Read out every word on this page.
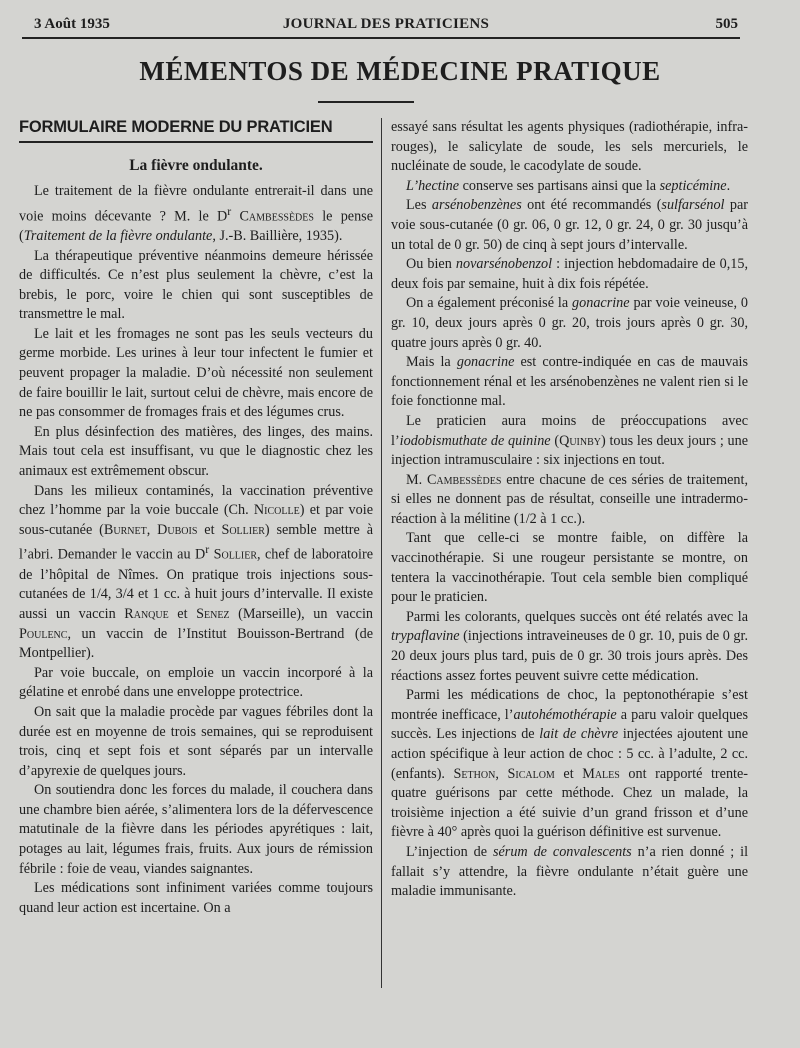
3 Août 1935	JOURNAL DES PRATICIENS	505
MÉMENTOS DE MÉDECINE PRATIQUE
FORMULAIRE MODERNE DU PRATICIEN
La fièvre ondulante.

Le traitement de la fièvre ondulante entrerait-il dans une voie moins décevante ? M. le $D^r$ Cambessèdes le pense (Traitement de la fièvre ondulante, J.-B. Baillière, 1935).

La thérapeutique préventive néanmoins demeure hérissée de difficultés. Ce n’est plus seulement la chèvre, c’est la brebis, le porc, voire le chien qui sont susceptibles de transmettre le mal.

Le lait et les fromages ne sont pas les seuls vecteurs du germe morbide. Les urines à leur tour infectent le fumier et peuvent propager la maladie. D’où nécessité non seulement de faire bouillir le lait, surtout celui de chèvre, mais encore de ne pas consommer de fromages frais et des légumes crus.

En plus désinfection des matières, des linges, des mains. Mais tout cela est insuffisant, vu que le diagnostic chez les animaux est extrêmement obscur.

Dans les milieux contaminés, la vaccination préventive chez l’homme par la voie buccale (Ch. Nicolle) et par voie sous-cutanée (Burnet, Dubois et Sollier) semble mettre à l’abri. Demander le vaccin au $D^r$ Sollier, chef de laboratoire de l’hôpital de Nîmes. On pratique trois injections sous-cutanées de 1/4, 3/4 et 1 cc. à huit jours d’intervalle. Il existe aussi un vaccin Ranque et Senez (Marseille), un vaccin Poulenc, un vaccin de l’Institut Bouisson-Bertrand (de Montpellier).

Par voie buccale, on emploie un vaccin incorporé à la gélatine et enrobé dans une enveloppe protectrice.

On sait que la maladie procède par vagues fébriles dont la durée est en moyenne de trois semaines, qui se reproduisent trois, cinq et sept fois et sont séparés par un intervalle d’apyrexie de quelques jours.

On soutiendra donc les forces du malade, il couchera dans une chambre bien aérée, s’alimentera lors de la défervescence matutinale de la fièvre dans les périodes apyrétiques : lait, potages au lait, légumes frais, fruits. Aux jours de rémission fébrile : foie de veau, viandes saignantes.

Les médications sont infiniment variées comme toujours quand leur action est incertaine. On a

essayé sans résultat les agents physiques (radiothérapie, infra-rouges), le salicylate de soude, les sels mercuriels, le nucléinate de soude, le cacodylate de soude.

L’hectine conserve ses partisans ainsi que la septicémine.

Les arsénobenzènes ont été recommandés (sulfarsénol par voie sous-cutanée (0 gr. 06, 0 gr. 12, 0 gr. 24, 0 gr. 30 jusqu’à un total de 0 gr. 50) de cinq à sept jours d’intervalle.

Ou bien novarsénobenzol : injection hebdomadaire de 0,15, deux fois par semaine, huit à dix fois répétée.

On a également préconisé la gonacrine par voie veineuse, 0 gr. 10, deux jours après 0 gr. 20, trois jours après 0 gr. 30, quatre jours après 0 gr. 40.

Mais la gonacrine est contre-indiquée en cas de mauvais fonctionnement rénal et les arsénobenzènes ne valent rien si le foie fonctionne mal.

Le praticien aura moins de préoccupations avec l’iodobismuthate de quinine (Quinby) tous les deux jours ; une injection intramusculaire : six injections en tout.

M. Cambessèdes entre chacune de ces séries de traitement, si elles ne donnent pas de résultat, conseille une intradermo-réaction à la mélitine (1/2 à 1 cc.).

Tant que celle-ci se montre faible, on diffère la vaccinothérapie. Si une rougeur persistante se montre, on tentera la vaccinothérapie. Tout cela semble bien compliqué pour le praticien.

Parmi les colorants, quelques succès ont été relatés avec la trypaflavine (injections intraveineuses de 0 gr. 10, puis de 0 gr. 20 deux jours plus tard, puis de 0 gr. 30 trois jours après. Des réactions assez fortes peuvent suivre cette médication.

Parmi les médications de choc, la peptonothérapie s’est montrée inefficace, l’autohémothérapie a paru valoir quelques succès. Les injections de lait de chèvre injectées ajoutent une action spécifique à leur action de choc : 5 cc. à l’adulte, 2 cc. (enfants). Sethon, Sicalom et Males ont rapporté trente-quatre guérisons par cette méthode. Chez un malade, la troisième injection a été suivie d’un grand frisson et d’une fièvre à 40° après quoi la guérison définitive est survenue.

L’injection de sérum de convalescents n’a rien donné ; il fallait s’y attendre, la fièvre ondulante n’était guère une maladie immunisante.
